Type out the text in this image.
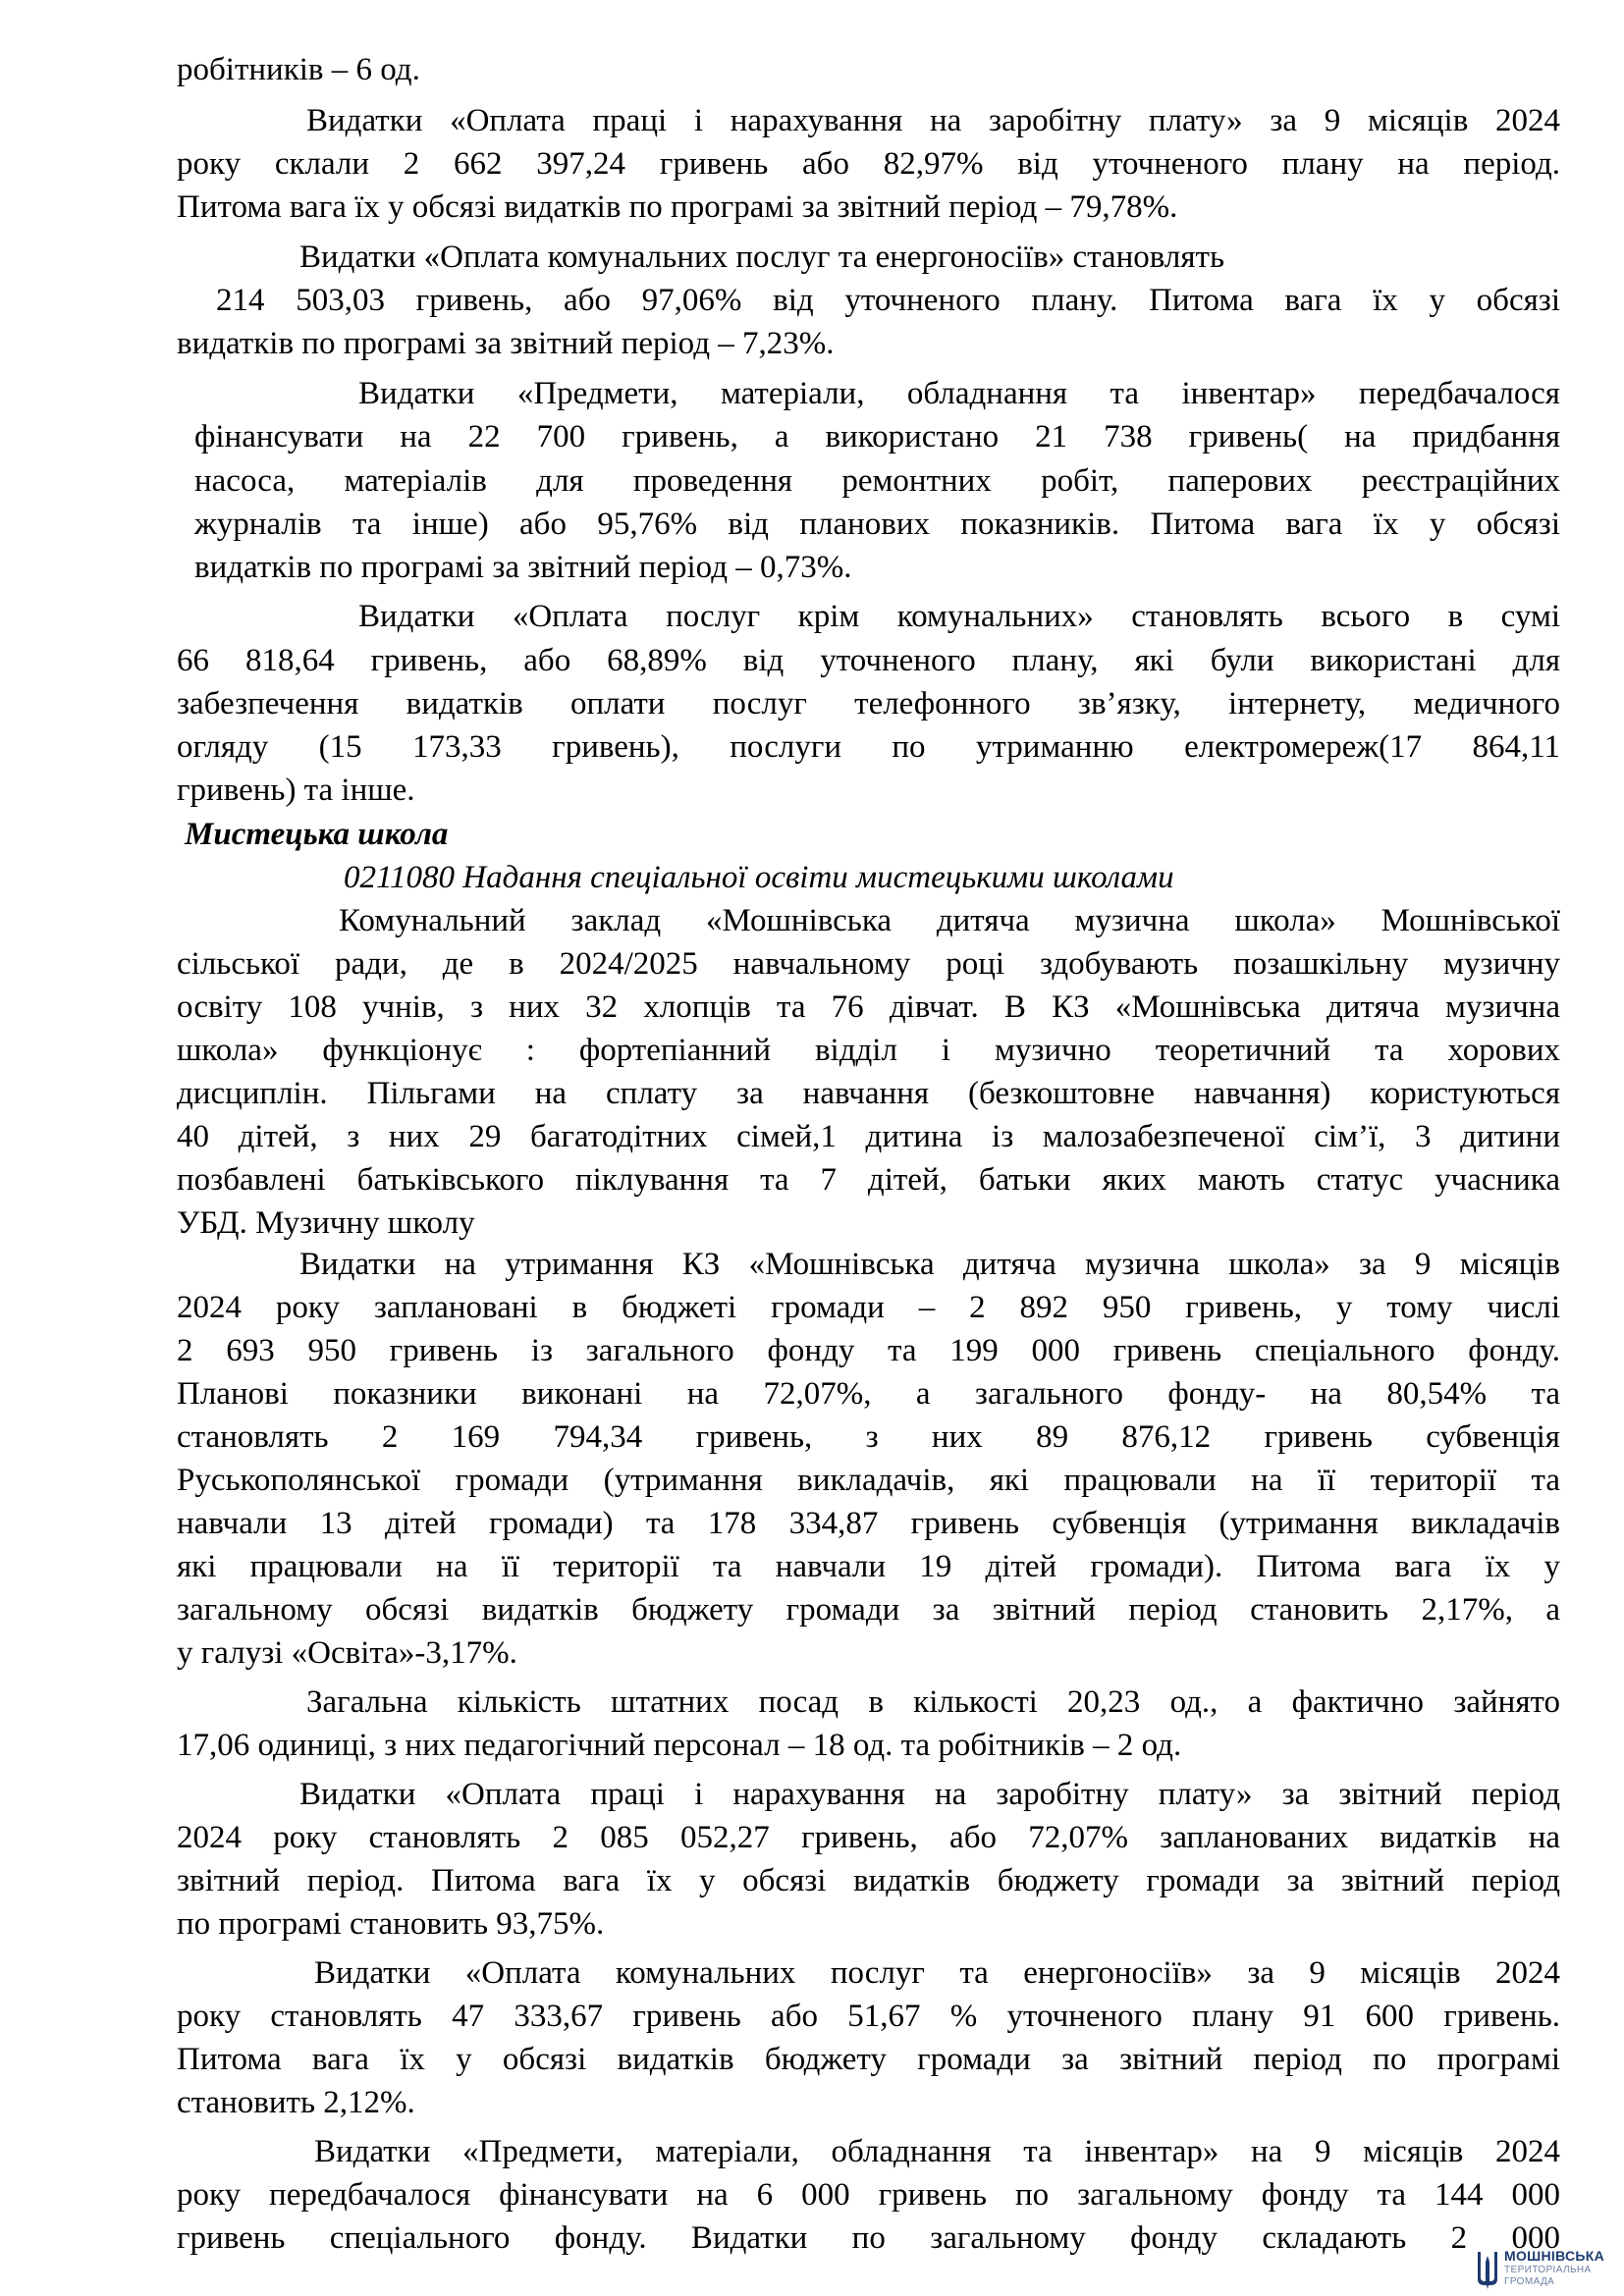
робітників – 6 од.
Видатки «Оплата праці і нарахування на заробітну плату» за 9 місяців 2024
року склали 2 662 397,24 гривень або 82,97% від уточненого плану на період.
Питома вага їх у обсязі видатків по програмі за звітний період – 79,78%.
Видатки «Оплата комунальних послуг та енергоносіїв» становлять
214 503,03 гривень, або 97,06% від уточненого плану. Питома вага їх у обсязі
видатків по програмі за звітний період – 7,23%.
Видатки «Предмети, матеріали, обладнання та інвентар» передбачалося
фінансувати на 22 700 гривень, а використано 21 738 гривень( на придбання
насоса, матеріалів для проведення ремонтних робіт, паперових реєстраційних
журналів та інше) або 95,76% від планових показників. Питома вага їх у обсязі
видатків по програмі за звітний період – 0,73%.
Видатки «Оплата послуг крім комунальних» становлять всього в сумі
66 818,64 гривень, або 68,89% від уточненого плану, які були використані для
забезпечення видатків оплати послуг телефонного зв’язку, інтернету, медичного
огляду (15 173,33 гривень), послуги по утриманню електромереж(17 864,11
гривень) та інше.
Мистецька школа
0211080 Надання спеціальної освіти мистецькими школами
Комунальний заклад «Мошнівська дитяча музична школа» Мошнівської
сільської ради, де в 2024/2025 навчальному році здобувають позашкільну музичну
освіту 108 учнів, з них 32 хлопців та 76 дівчат. В КЗ «Мошнівська дитяча музична
школа» функціонує : фортепіанний відділ і музично теоретичний та хорових
дисциплін. Пільгами на сплату за навчання (безкоштовне навчання) користуються
40 дітей, з них 29 багатодітних сімей,1 дитина із малозабезпеченої сім’ї, 3 дитини
позбавлені батьківського піклування та 7 дітей, батьки яких мають статус учасника
УБД. Музичну школу
Видатки на утримання КЗ «Мошнівська дитяча музична школа» за 9 місяців
2024 року заплановані в бюджеті громади – 2 892 950 гривень, у тому числі
2 693 950 гривень із загального фонду та 199 000 гривень спеціального фонду.
Планові показники виконані на 72,07%, а загального фонду- на 80,54% та
становлять 2 169 794,34 гривень, з них 89 876,12 гривень субвенція
Руськополянської громади (утримання викладачів, які працювали на її території та
навчали 13 дітей громади) та 178 334,87 гривень субвенція (утримання викладачів
які працювали на її території та навчали 19 дітей громади). Питома вага їх у
загальному обсязі видатків бюджету громади за звітний період становить 2,17%, а
у галузі «Освіта»-3,17%.
Загальна кількість штатних посад в кількості 20,23 од., а фактично зайнято
17,06 одиниці, з них педагогічний персонал – 18 од. та робітників – 2 од.
Видатки «Оплата праці і нарахування на заробітну плату» за звітний період
2024 року становлять 2 085 052,27 гривень, або 72,07% запланованих видатків на
звітний період. Питома вага їх у обсязі видатків бюджету громади за звітний період
по програмі становить 93,75%.
Видатки «Оплата комунальних послуг та енергоносіїв» за 9 місяців 2024
року становлять 47 333,67 гривень або 51,67 % уточненого плану 91 600 гривень.
Питома вага їх у обсязі видатків бюджету громади за звітний період по програмі
становить 2,12%.
Видатки «Предмети, матеріали, обладнання та інвентар» на 9 місяців 2024
року передбачалося фінансувати на 6 000 гривень по загальному фонду та 144 000
гривень спеціального фонду. Видатки по загальному фонду складають 2 000
МОШНІВСЬКА
ТЕРИТОРІАЛЬНА
ГРОМАДА
